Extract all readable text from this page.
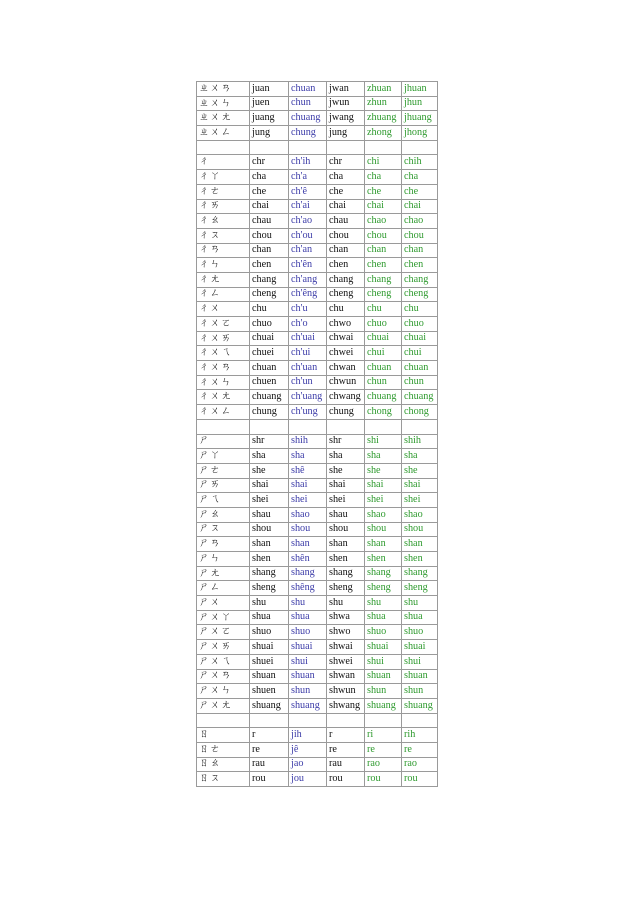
ㄓㄨㄢ	juan	chuan	jwan	zhuan	jhuan
ㄓㄨㄣ	juen	chun	jwun	zhun	jhun
ㄓㄨㄤ	juang	chuang	jwang	zhuang	jhuang
ㄓㄨㄥ	jung	chung	jung	zhong	jhong

ㄔ	chr	ch'ih	chr	chi	chih
ㄔㄚ	cha	ch'a	cha	cha	cha
ㄔㄜ	che	ch'ê	che	che	che
ㄔㄞ	chai	ch'ai	chai	chai	chai
ㄔㄠ	chau	ch'ao	chau	chao	chao
ㄔㄡ	chou	ch'ou	chou	chou	chou
ㄔㄢ	chan	ch'an	chan	chan	chan
ㄔㄣ	chen	ch'ên	chen	chen	chen
ㄔㄤ	chang	ch'ang	chang	chang	chang
ㄔㄥ	cheng	ch'êng	cheng	cheng	cheng
ㄔㄨ	chu	ch'u	chu	chu	chu
ㄔㄨㄛ	chuo	ch'o	chwo	chuo	chuo
ㄔㄨㄞ	chuai	ch'uai	chwai	chuai	chuai
ㄔㄨㄟ	chuei	ch'ui	chwei	chui	chui
ㄔㄨㄢ	chuan	ch'uan	chwan	chuan	chuan
ㄔㄨㄣ	chuen	ch'un	chwun	chun	chun
ㄔㄨㄤ	chuang	ch'uang	chwang	chuang	chuang
ㄔㄨㄥ	chung	ch'ung	chung	chong	chong

ㄕ	shr	shih	shr	shi	shih
ㄕㄚ	sha	sha	sha	sha	sha
ㄕㄜ	she	shê	she	she	she
ㄕㄞ	shai	shai	shai	shai	shai
ㄕㄟ	shei	shei	shei	shei	shei
ㄕㄠ	shau	shao	shau	shao	shao
ㄕㄡ	shou	shou	shou	shou	shou
ㄕㄢ	shan	shan	shan	shan	shan
ㄕㄣ	shen	shên	shen	shen	shen
ㄕㄤ	shang	shang	shang	shang	shang
ㄕㄥ	sheng	shêng	sheng	sheng	sheng
ㄕㄨ	shu	shu	shu	shu	shu
ㄕㄨㄚ	shua	shua	shwa	shua	shua
ㄕㄨㄛ	shuo	shuo	shwo	shuo	shuo
ㄕㄨㄞ	shuai	shuai	shwai	shuai	shuai
ㄕㄨㄟ	shuei	shui	shwei	shui	shui
ㄕㄨㄢ	shuan	shuan	shwan	shuan	shuan
ㄕㄨㄣ	shuen	shun	shwun	shun	shun
ㄕㄨㄤ	shuang	shuang	shwang	shuang	shuang

ㄖ	r	jih	r	ri	rih
ㄖㄜ	re	jê	re	re	re
ㄖㄠ	rau	jao	rau	rao	rao
ㄖㄡ	rou	jou	rou	rou	rou
